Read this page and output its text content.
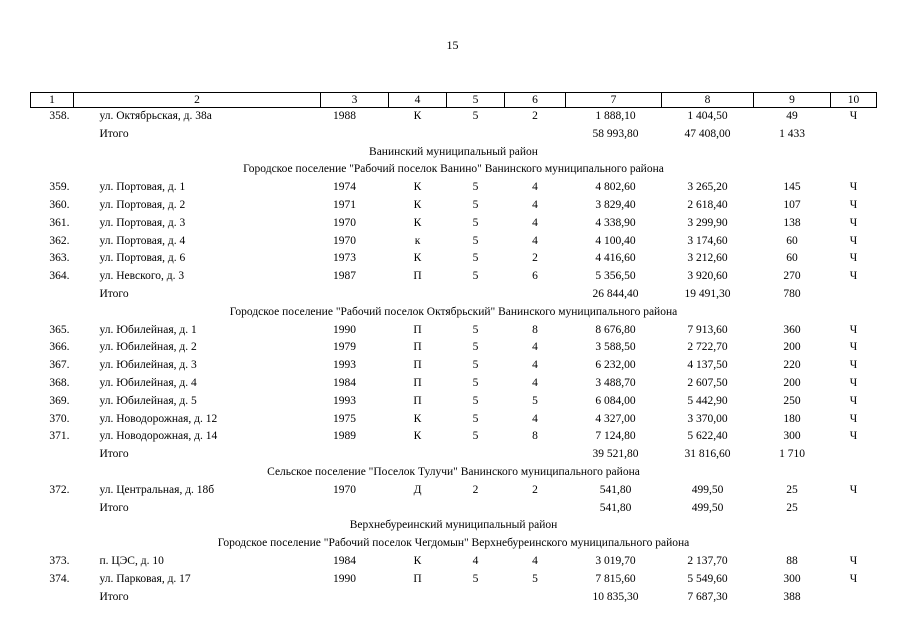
15
1	2	3	4	5	6	7	8	9	10
358.	ул. Октябрьская, д. 38а	1988	К	5	2	1 888,10	1 404,50	49	Ч
	Итого					58 993,80	47 408,00	1 433	
Ванинский муниципальный район									
Городское поселение "Рабочий поселок Ванино" Ванинского муниципального района									
359.	ул. Портовая, д. 1	1974	К	5	4	4 802,60	3 265,20	145	Ч
360.	ул. Портовая, д. 2	1971	К	5	4	3 829,40	2 618,40	107	Ч
361.	ул. Портовая, д. 3	1970	К	5	4	4 338,90	3 299,90	138	Ч
362.	ул. Портовая, д. 4	1970	к	5	4	4 100,40	3 174,60	60	Ч
363.	ул. Портовая, д. 6	1973	К	5	2	4 416,60	3 212,60	60	Ч
364.	ул. Невского, д. 3	1987	П	5	6	5 356,50	3 920,60	270	Ч
	Итого					26 844,40	19 491,30	780	
Городское поселение "Рабочий поселок Октябрьский" Ванинского муниципального района									
365.	ул. Юбилейная, д. 1	1990	П	5	8	8 676,80	7 913,60	360	Ч
366.	ул. Юбилейная, д. 2	1979	П	5	4	3 588,50	2 722,70	200	Ч
367.	ул. Юбилейная, д. 3	1993	П	5	4	6 232,00	4 137,50	220	Ч
368.	ул. Юбилейная, д. 4	1984	П	5	4	3 488,70	2 607,50	200	Ч
369.	ул. Юбилейная, д. 5	1993	П	5	5	6 084,00	5 442,90	250	Ч
370.	ул. Новодорожная, д. 12	1975	К	5	4	4 327,00	3 370,00	180	Ч
371.	ул. Новодорожная, д. 14	1989	К	5	8	7 124,80	5 622,40	300	Ч
	Итого					39 521,80	31 816,60	1 710	
Сельское поселение "Поселок Тулучи" Ванинского муниципального района									
372.	ул. Центральная, д. 18б	1970	Д	2	2	541,80	499,50	25	Ч
	Итого					541,80	499,50	25	
Верхнебуреинский муниципальный район									
Городское поселение "Рабочий поселок Чегдомын" Верхнебуреинского муниципального района									
373.	п. ЦЭС, д. 10	1984	К	4	4	3 019,70	2 137,70	88	Ч
374.	ул. Парковая, д. 17	1990	П	5	5	7 815,60	5 549,60	300	Ч
	Итого					10 835,30	7 687,30	388	
